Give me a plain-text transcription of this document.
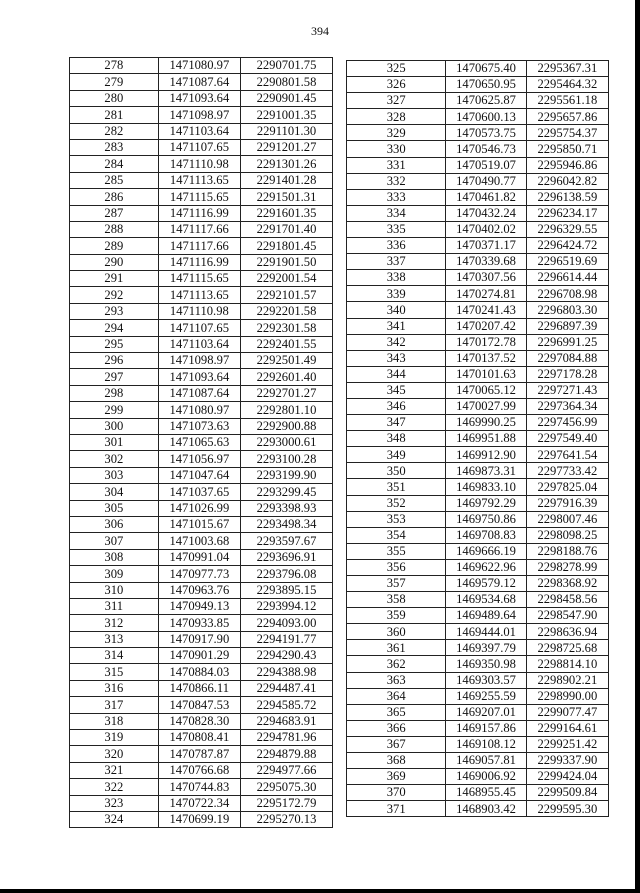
394
278	1471080.97	2290701.75
279	1471087.64	2290801.58
280	1471093.64	2290901.45
281	1471098.97	2291001.35
282	1471103.64	2291101.30
283	1471107.65	2291201.27
284	1471110.98	2291301.26
285	1471113.65	2291401.28
286	1471115.65	2291501.31
287	1471116.99	2291601.35
288	1471117.66	2291701.40
289	1471117.66	2291801.45
290	1471116.99	2291901.50
291	1471115.65	2292001.54
292	1471113.65	2292101.57
293	1471110.98	2292201.58
294	1471107.65	2292301.58
295	1471103.64	2292401.55
296	1471098.97	2292501.49
297	1471093.64	2292601.40
298	1471087.64	2292701.27
299	1471080.97	2292801.10
300	1471073.63	2292900.88
301	1471065.63	2293000.61
302	1471056.97	2293100.28
303	1471047.64	2293199.90
304	1471037.65	2293299.45
305	1471026.99	2293398.93
306	1471015.67	2293498.34
307	1471003.68	2293597.67
308	1470991.04	2293696.91
309	1470977.73	2293796.08
310	1470963.76	2293895.15
311	1470949.13	2293994.12
312	1470933.85	2294093.00
313	1470917.90	2294191.77
314	1470901.29	2294290.43
315	1470884.03	2294388.98
316	1470866.11	2294487.41
317	1470847.53	2294585.72
318	1470828.30	2294683.91
319	1470808.41	2294781.96
320	1470787.87	2294879.88
321	1470766.68	2294977.66
322	1470744.83	2295075.30
323	1470722.34	2295172.79
324	1470699.19	2295270.13
325	1470675.40	2295367.31
326	1470650.95	2295464.32
327	1470625.87	2295561.18
328	1470600.13	2295657.86
329	1470573.75	2295754.37
330	1470546.73	2295850.71
331	1470519.07	2295946.86
332	1470490.77	2296042.82
333	1470461.82	2296138.59
334	1470432.24	2296234.17
335	1470402.02	2296329.55
336	1470371.17	2296424.72
337	1470339.68	2296519.69
338	1470307.56	2296614.44
339	1470274.81	2296708.98
340	1470241.43	2296803.30
341	1470207.42	2296897.39
342	1470172.78	2296991.25
343	1470137.52	2297084.88
344	1470101.63	2297178.28
345	1470065.12	2297271.43
346	1470027.99	2297364.34
347	1469990.25	2297456.99
348	1469951.88	2297549.40
349	1469912.90	2297641.54
350	1469873.31	2297733.42
351	1469833.10	2297825.04
352	1469792.29	2297916.39
353	1469750.86	2298007.46
354	1469708.83	2298098.25
355	1469666.19	2298188.76
356	1469622.96	2298278.99
357	1469579.12	2298368.92
358	1469534.68	2298458.56
359	1469489.64	2298547.90
360	1469444.01	2298636.94
361	1469397.79	2298725.68
362	1469350.98	2298814.10
363	1469303.57	2298902.21
364	1469255.59	2298990.00
365	1469207.01	2299077.47
366	1469157.86	2299164.61
367	1469108.12	2299251.42
368	1469057.81	2299337.90
369	1469006.92	2299424.04
370	1468955.45	2299509.84
371	1468903.42	2299595.30
